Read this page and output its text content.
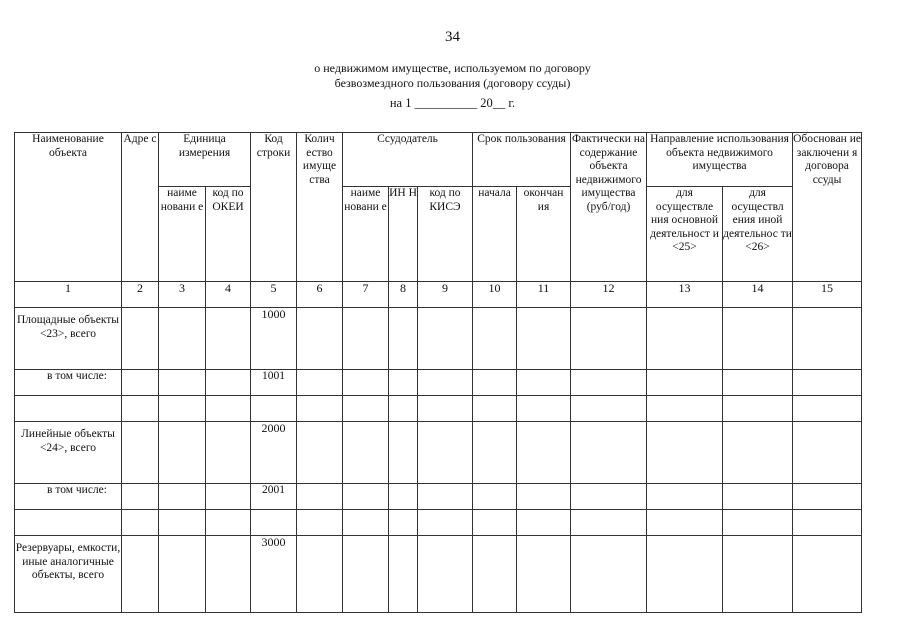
34
о недвижимом имуществе, используемом по договору
безвозмездного пользования (договору ссуды)
на 1 __________ 20__ г.
Наименование объекта	Адре с	Единица измерения		Код строки	Колич ество имуще ства	Ссудодатель			Срок пользования		Фактически на содержание объекта недвижимого имущества (руб/год)	Направление использования объекта недвижимого имущества		Обоснован ие заключени я договора ссуды
		наиме новани е	код по ОКЕИ			наиме новани е	ИН Н	код по КИСЭ	начала	окончан ия		для осуществле ния основной деятельност и <25>	для осуществл ения иной деятельнос ти <26>	

1	2	3	4	5	6	7	8	9	10	11	12	13	14	15
Площадные объекты <23>, всего				1000										
в том числе:				1001										

Линейные объекты <24>, всего				2000										
в том числе:				2001										

Резервуары, емкости, иные аналогичные объекты, всего				3000										
